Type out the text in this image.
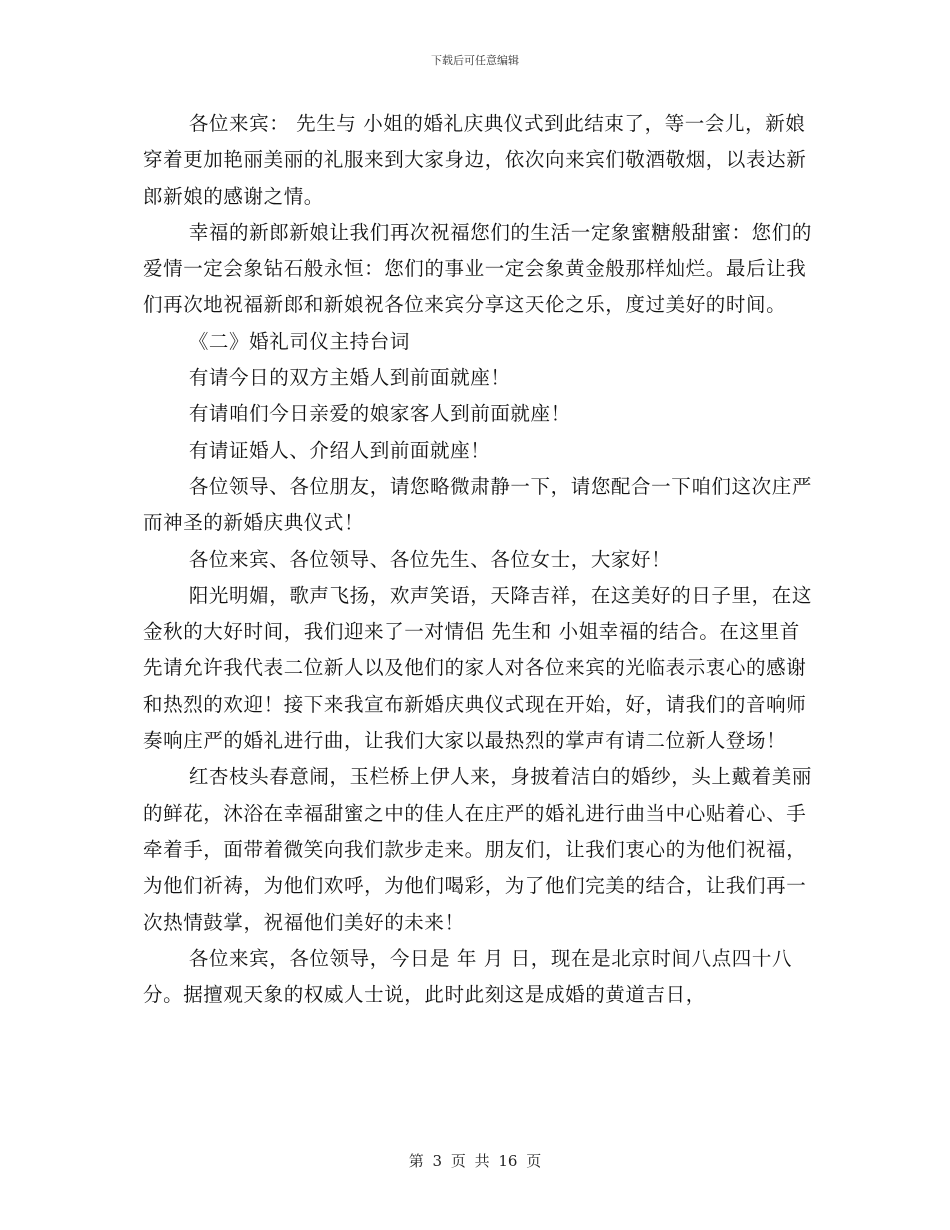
下载后可任意编辑

各位来宾： 先生与 小姐的婚礼庆典仪式到此结束了，等一会儿，新娘穿着更加艳丽美丽的礼服来到大家身边，依次向来宾们敬酒敬烟，以表达新郎新娘的感谢之情。

幸福的新郎新娘让我们再次祝福您们的生活一定象蜜糖般甜蜜：您们的爱情一定会象钻石般永恒：您们的事业一定会象黄金般那样灿烂。最后让我们再次地祝福新郎和新娘祝各位来宾分享这天伦之乐，度过美好的时间。

《二》婚礼司仪主持台词

有请今日的双方主婚人到前面就座！

有请咱们今日亲爱的娘家客人到前面就座！

有请证婚人、介绍人到前面就座！

各位领导、各位朋友，请您略微肃静一下，请您配合一下咱们这次庄严而神圣的新婚庆典仪式！

各位来宾、各位领导、各位先生、各位女士，大家好！

阳光明媚，歌声飞扬，欢声笑语，天降吉祥，在这美好的日子里，在这金秋的大好时间，我们迎来了一对情侣 先生和 小姐幸福的结合。在这里首先请允许我代表二位新人以及他们的家人对各位来宾的光临表示衷心的感谢和热烈的欢迎！接下来我宣布新婚庆典仪式现在开始，好，请我们的音响师奏响庄严的婚礼进行曲，让我们大家以最热烈的掌声有请二位新人登场！

红杏枝头春意闹，玉栏桥上伊人来，身披着洁白的婚纱，头上戴着美丽的鲜花，沐浴在幸福甜蜜之中的佳人在庄严的婚礼进行曲当中心贴着心、手牵着手，面带着微笑向我们款步走来。朋友们，让我们衷心的为他们祝福，为他们祈祷，为他们欢呼，为他们喝彩，为了他们完美的结合，让我们再一次热情鼓掌，祝福他们美好的未来！

各位来宾，各位领导，今日是 年 月 日，现在是北京时间八点四十八分。据擅观天象的权威人士说，此时此刻这是成婚的黄道吉日，

第 3 页 共 16 页
